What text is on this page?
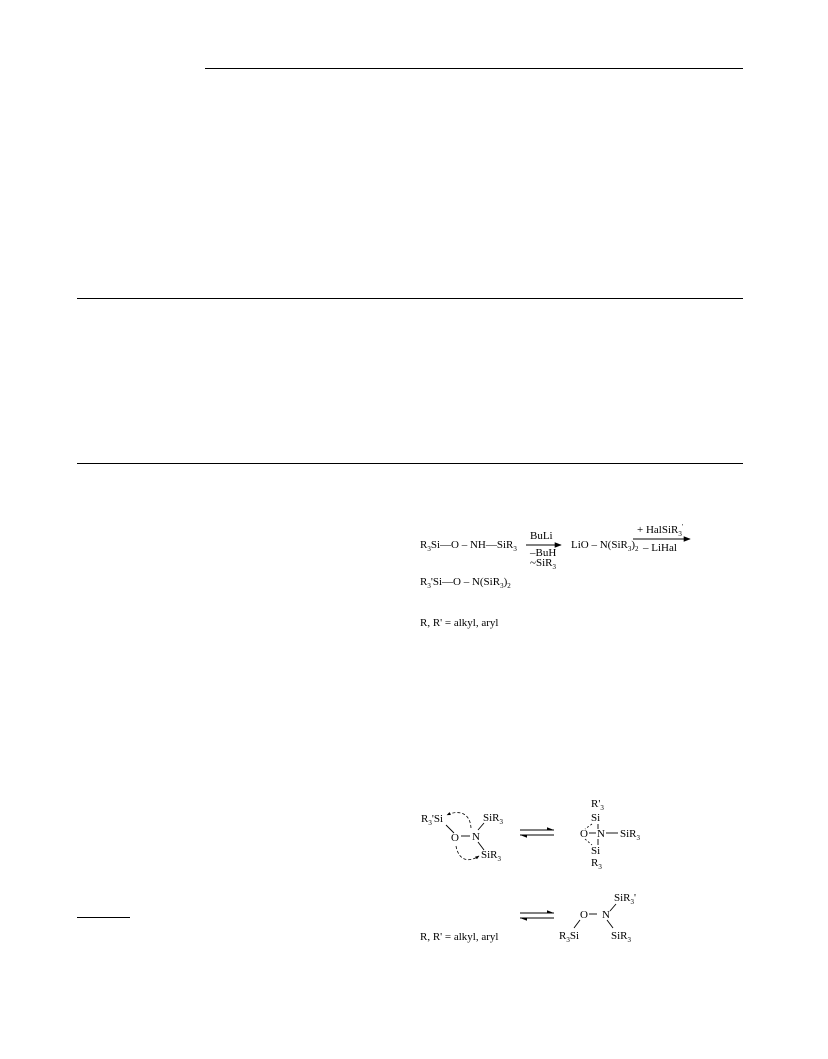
$R_3Si—O$ – NH—SiR$_3$
BuLi
–BuH
~SiR$_3$
LiO – $N(SiR_3)_2$
+ HalSiR$_3$'
– LiHal
$R_3'Si—O - N(SiR_3)_2$
R, R' = alkyl, aryl
$R_3'Si$
O N
SiR$_3$
SiR$_3$
$R'_3$
Si
O N SiR$_3$
Si
$R_3$
R, R' = alkyl, aryl
SiR$_3$'
O N
$R_3Si$	SiR$_3$
